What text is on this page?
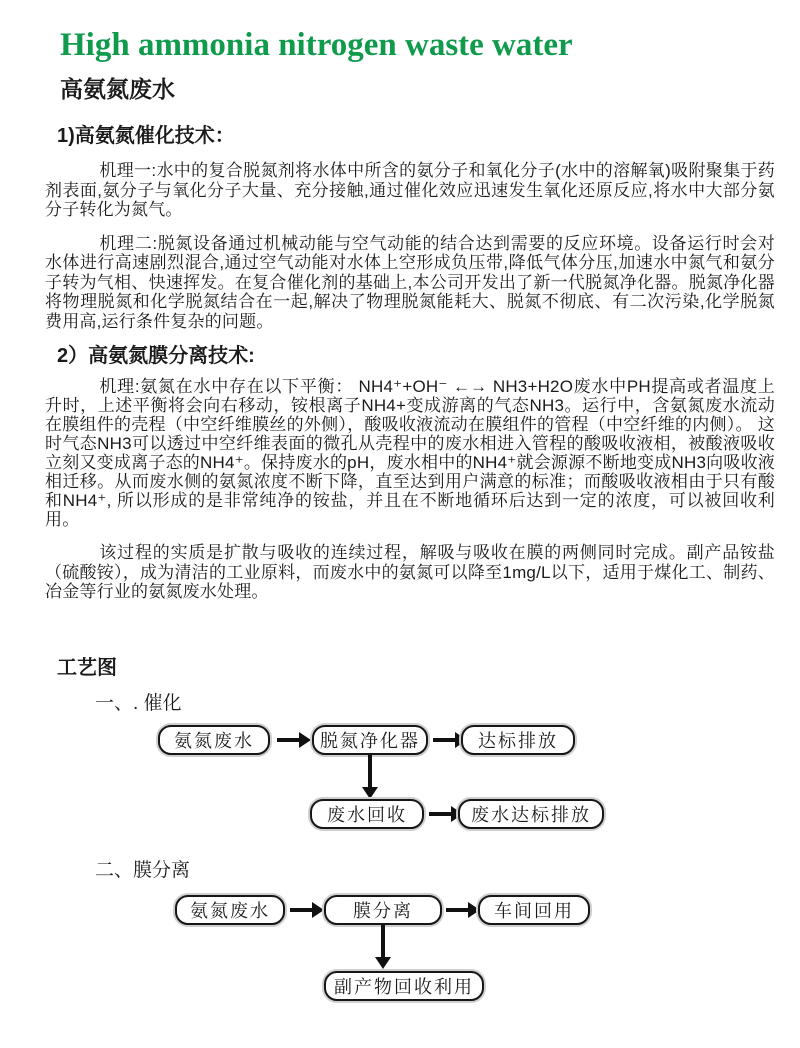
High ammonia nitrogen waste water
高氨氮废水
1)高氨氮催化技术：

机理一:水中的复合脱氮剂将水体中所含的氨分子和氧化分子(水中的溶解氧)吸附聚集于药剂表面,氨分子与氧化分子大量、充分接触,通过催化效应迅速发生氧化还原反应,将水中大部分氨分子转化为氮气。

机理二:脱氮设备通过机械动能与空气动能的结合达到需要的反应环境。设备运行时会对水体进行高速剧烈混合,通过空气动能对水体上空形成负压带,降低气体分压,加速水中氮气和氨分子转为气相、快速挥发。在复合催化剂的基础上,本公司开发出了新一代脱氮净化器。脱氮净化器将物理脱氮和化学脱氮结合在一起,解决了物理脱氮能耗大、脱氮不彻底、有二次污染,化学脱氮费用高,运行条件复杂的问题。

2）高氨氮膜分离技术:

机理:氨氮在水中存在以下平衡： NH4⁺+OH⁻ ←→ NH3+H2O废水中PH提高或者温度上升时，上述平衡将会向右移动，铵根离子NH4+变成游离的气态NH3。运行中，含氨氮废水流动在膜组件的壳程（中空纤维膜丝的外侧），酸吸收液流动在膜组件的管程（中空纤维的内侧）。 这时气态NH3可以透过中空纤维表面的微孔从壳程中的废水相进入管程的酸吸收液相，被酸液吸收立刻又变成离子态的NH4⁺。保持废水的pH，废水相中的NH4⁺就会源源不断地变成NH3向吸收液相迁移。从而废水侧的氨氮浓度不断下降，直至达到用户满意的标准；而酸吸收液相由于只有酸和NH4⁺, 所以形成的是非常纯净的铵盐，并且在不断地循环后达到一定的浓度，可以被回收利用。

该过程的实质是扩散与吸收的连续过程，解吸与吸收在膜的两侧同时完成。副产品铵盐（硫酸铵），成为清洁的工业原料，而废水中的氨氮可以降至1mg/L以下，适用于煤化工、制药、冶金等行业的氨氮废水处理。

工艺图
一、. 催化
氨氮废水	脱氮净化器	达标排放
废水回收	废水达标排放
二、膜分离
氨氮废水	膜分离	车间回用
副产物回收利用
